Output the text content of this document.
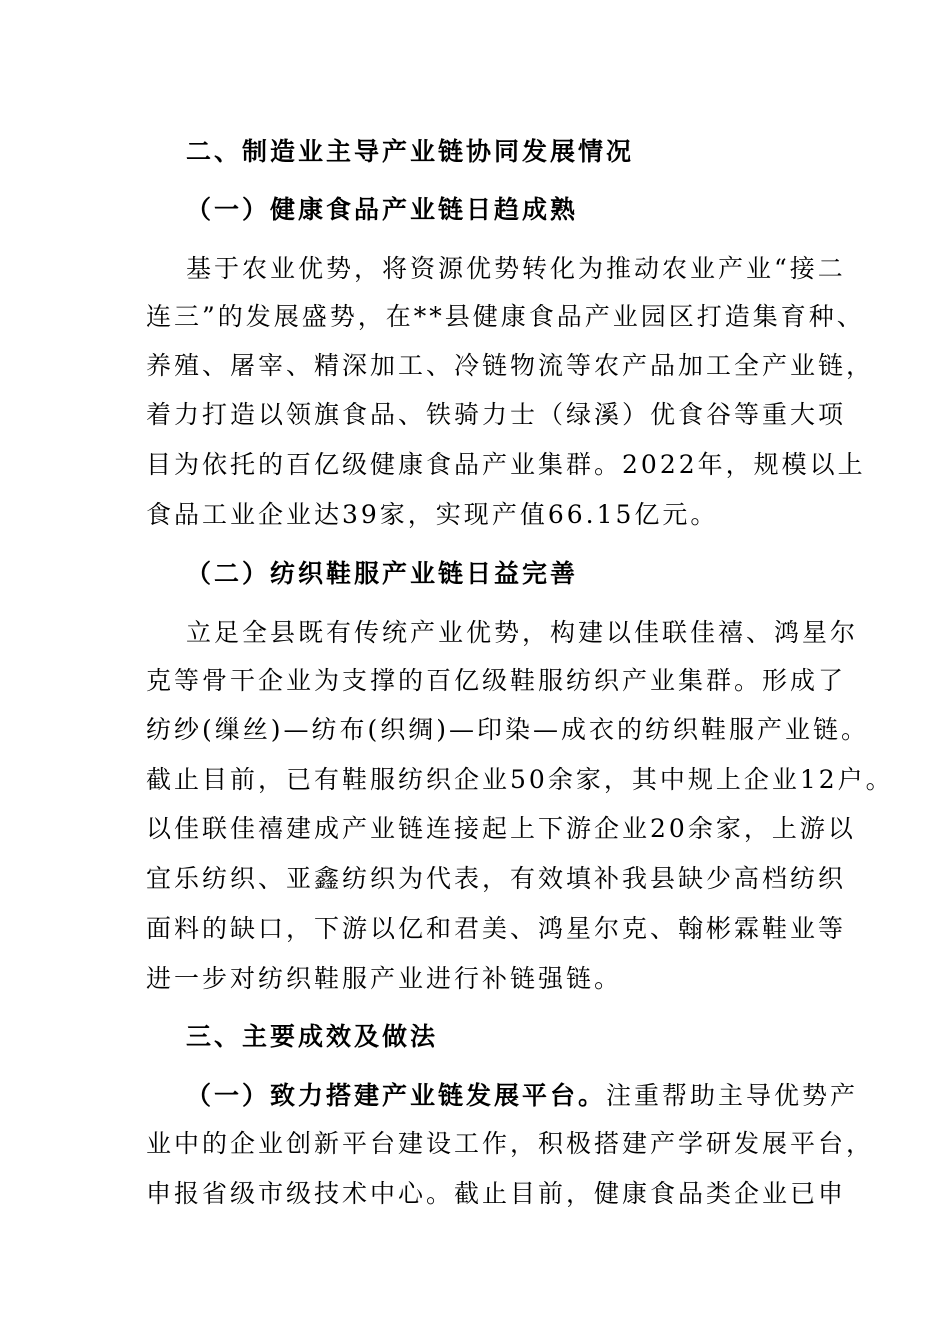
二、制造业主导产业链协同发展情况
（一）健康食品产业链日趋成熟
基于农业优势，将资源优势转化为推动农业产业“接二
连三”的发展盛势，在**县健康食品产业园区打造集育种、
养殖、屠宰、精深加工、冷链物流等农产品加工全产业链，
着力打造以领旗食品、铁骑力士（绿溪）优食谷等重大项
目为依托的百亿级健康食品产业集群。2022年，规模以上
食品工业企业达39家，实现产值66.15亿元。
（二）纺织鞋服产业链日益完善
立足全县既有传统产业优势，构建以佳联佳禧、鸿星尔
克等骨干企业为支撑的百亿级鞋服纺织产业集群。形成了
纺纱(缫丝)—纺布(织绸)—印染—成衣的纺织鞋服产业链。
截止目前，已有鞋服纺织企业50余家，其中规上企业12户。
以佳联佳禧建成产业链连接起上下游企业20余家，上游以
宜乐纺织、亚鑫纺织为代表，有效填补我县缺少高档纺织
面料的缺口，下游以亿和君美、鸿星尔克、翰彬霖鞋业等
进一步对纺织鞋服产业进行补链强链。
三、主要成效及做法
（一）致力搭建产业链发展平台。注重帮助主导优势产
业中的企业创新平台建设工作，积极搭建产学研发展平台，
申报省级市级技术中心。截止目前，健康食品类企业已申
